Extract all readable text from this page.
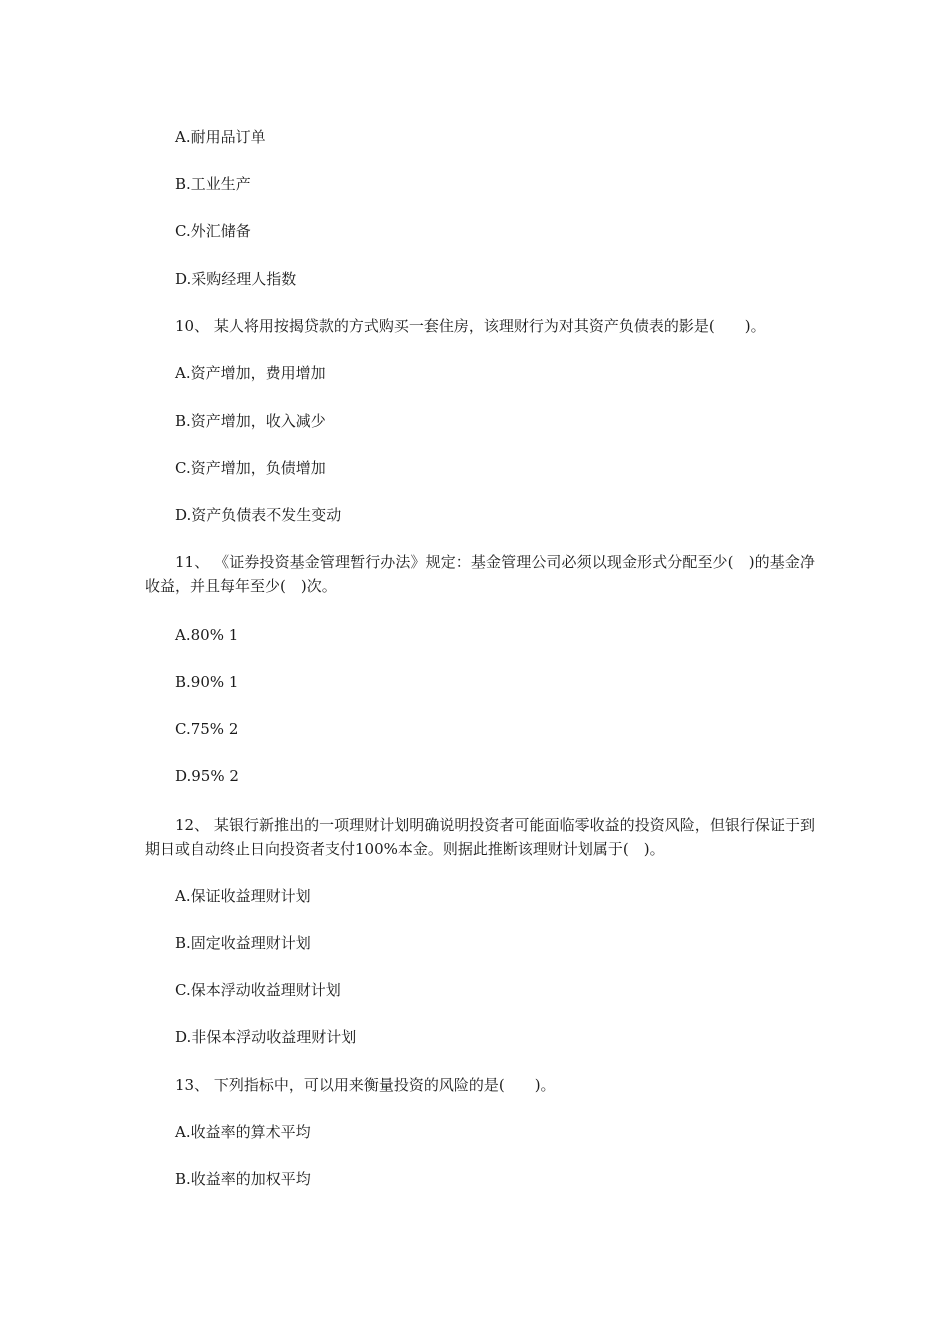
A.耐用品订单
B.工业生产
C.外汇储备
D.采购经理人指数
10、 某人将用按揭贷款的方式购买一套住房，该理财行为对其资产负债表的影是(　　)。
A.资产增加，费用增加
B.资产增加，收入减少
C.资产增加，负债增加
D.资产负债表不发生变动
11、 《证券投资基金管理暂行办法》规定：基金管理公司必须以现金形式分配至少(　)的基金净收益，并且每年至少(　)次。
A.80% 1
B.90% 1
C.75% 2
D.95% 2
12、 某银行新推出的一项理财计划明确说明投资者可能面临零收益的投资风险，但银行保证于到期日或自动终止日向投资者支付100%本金。则据此推断该理财计划属于(　)。
A.保证收益理财计划
B.固定收益理财计划
C.保本浮动收益理财计划
D.非保本浮动收益理财计划
13、 下列指标中，可以用来衡量投资的风险的是(　　)。
A.收益率的算术平均
B.收益率的加权平均
